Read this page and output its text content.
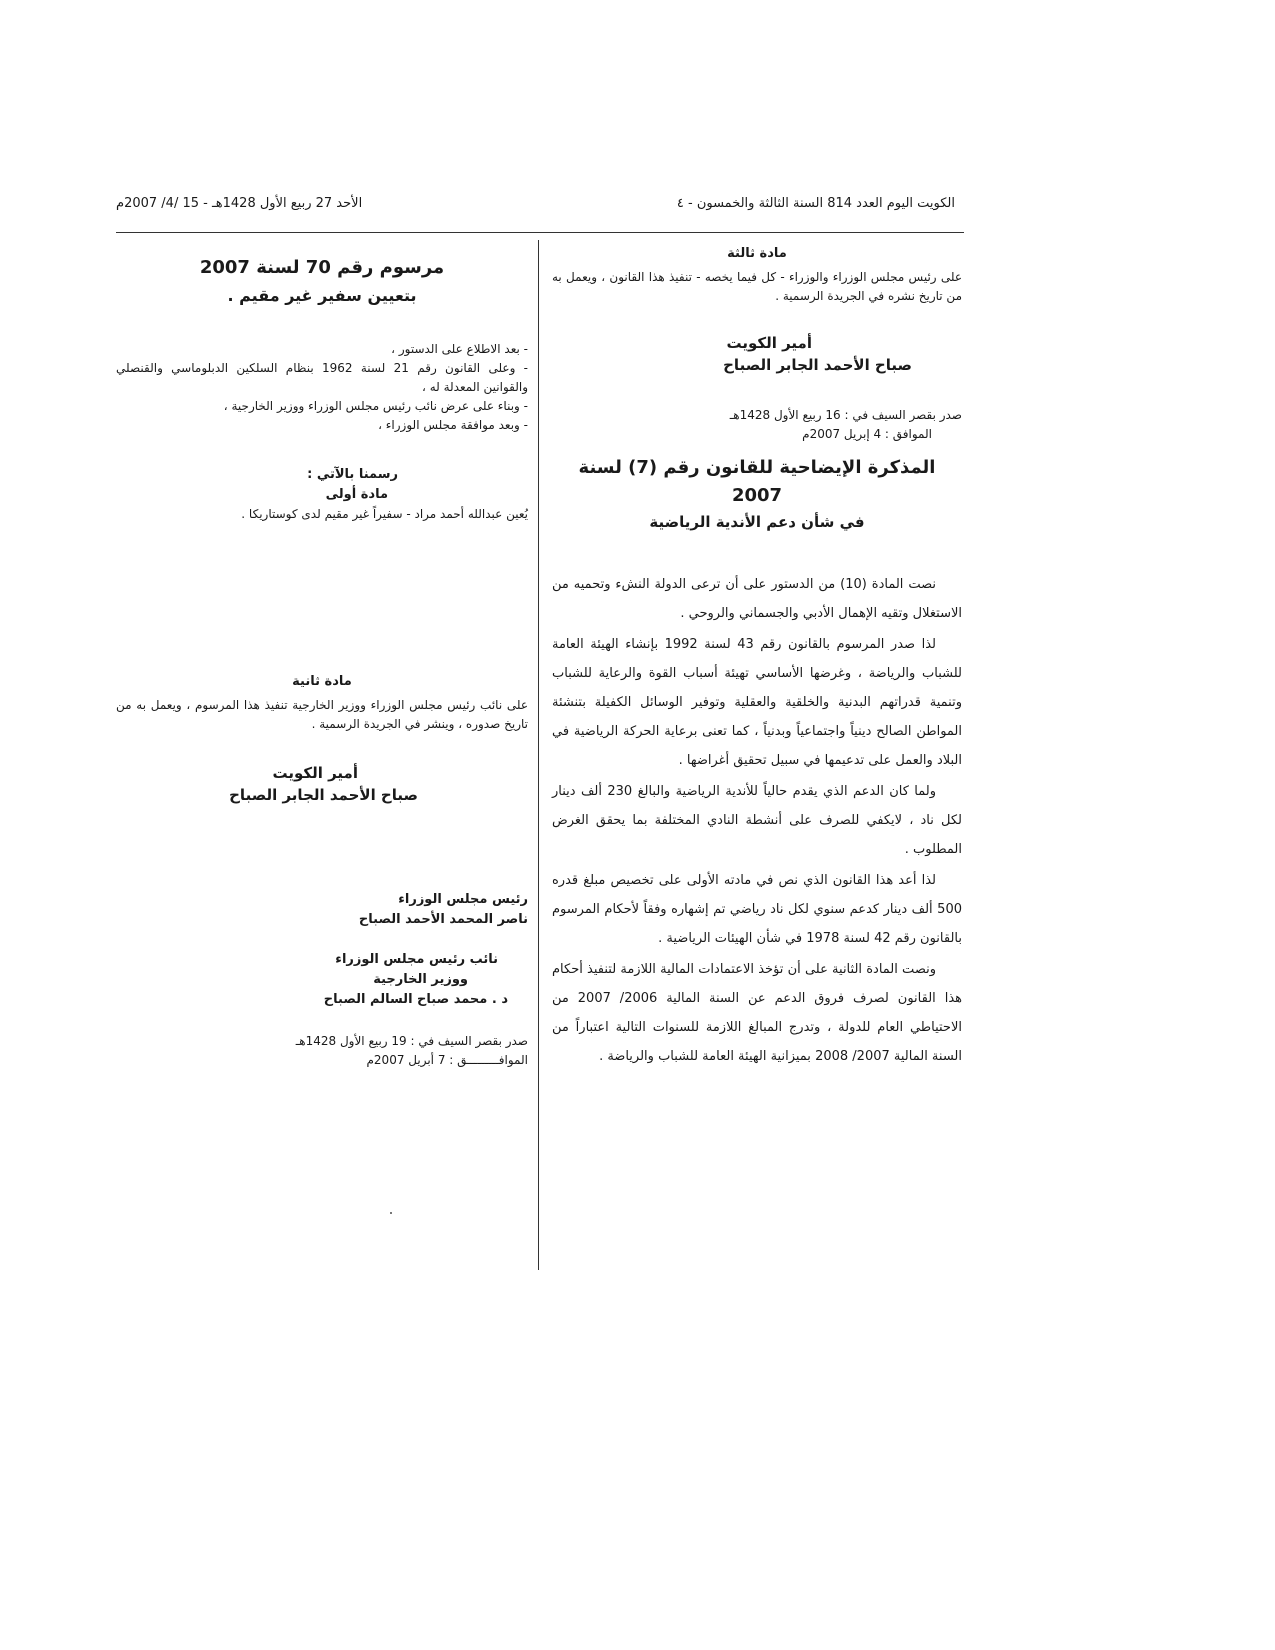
الكويت اليوم العدد 814 السنة الثالثة والخمسون - ٤
الأحد 27 ربيع الأول 1428هـ - 15 /4/ 2007م
مادة ثالثة

على رئيس مجلس الوزراء والوزراء - كل فيما يخصه - تنفيذ هذا القانون ، ويعمل به من تاريخ نشره في الجريدة الرسمية .

أمير الكويت
صباح الأحمد الجابر الصباح
صدر بقصر السيف في : 16 ربيع الأول 1428هـ
الموافق : 4 إبريل 2007م
المذكرة الإيضاحية للقانون رقم (7) لسنة 2007
في شأن دعم الأندية الرياضية

نصت المادة (10) من الدستور على أن ترعى الدولة النشء وتحميه من الاستغلال وتقيه الإهمال الأدبي والجسماني والروحي .

لذا صدر المرسوم بالقانون رقم 43 لسنة 1992 بإنشاء الهيئة العامة للشباب والرياضة ، وغرضها الأساسي تهيئة أسباب القوة والرعاية للشباب وتنمية قدراتهم البدنية والخلقية والعقلية وتوفير الوسائل الكفيلة بتنشئة المواطن الصالح دينياً واجتماعياً وبدنياً ، كما تعنى برعاية الحركة الرياضية في البلاد والعمل على تدعيمها في سبيل تحقيق أغراضها .

ولما كان الدعم الذي يقدم حالياً للأندية الرياضية والبالغ 230 ألف دينار لكل ناد ، لايكفي للصرف على أنشطة النادي المختلفة بما يحقق الغرض المطلوب .

لذا أعد هذا القانون الذي نص في مادته الأولى على تخصيص مبلغ قدره 500 ألف دينار كدعم سنوي لكل ناد رياضي تم إشهاره وفقاً لأحكام المرسوم بالقانون رقم 42 لسنة 1978 في شأن الهيئات الرياضية .

ونصت المادة الثانية على أن تؤخذ الاعتمادات المالية اللازمة لتنفيذ أحكام هذا القانون لصرف فروق الدعم عن السنة المالية 2006/ 2007 من الاحتياطي العام للدولة ، وتدرج المبالغ اللازمة للسنوات التالية اعتباراً من السنة المالية 2007/ 2008 بميزانية الهيئة العامة للشباب والرياضة .

مرسوم رقم 70 لسنة 2007
بتعيين سفير غير مقيم .
- بعد الاطلاع على الدستور ،
- وعلى القانون رقم 21 لسنة 1962 بنظام السلكين الدبلوماسي والقنصلي والقوانين المعدلة له ،
- وبناء على عرض نائب رئيس مجلس الوزراء ووزير الخارجية ،
- وبعد موافقة مجلس الوزراء ،
رسمنا بالآتي :
مادة أولى
يُعين عبدالله أحمد مراد - سفيراً غير مقيم لدى كوستاريكا .
مادة ثانية
على نائب رئيس مجلس الوزراء ووزير الخارجية تنفيذ هذا المرسوم ، ويعمل به من تاريخ صدوره ، وينشر في الجريدة الرسمية .
أمير الكويت
صباح الأحمد الجابر الصباح
رئيس مجلس الوزراء
ناصر المحمد الأحمد الصباح
نائب رئيس مجلس الوزراء
ووزير الخارجية
د . محمد صباح السالم الصباح
صدر بقصر السيف في : 19 ربيع الأول 1428هـ
الموافـــــــــق : 7 أبريل 2007م
